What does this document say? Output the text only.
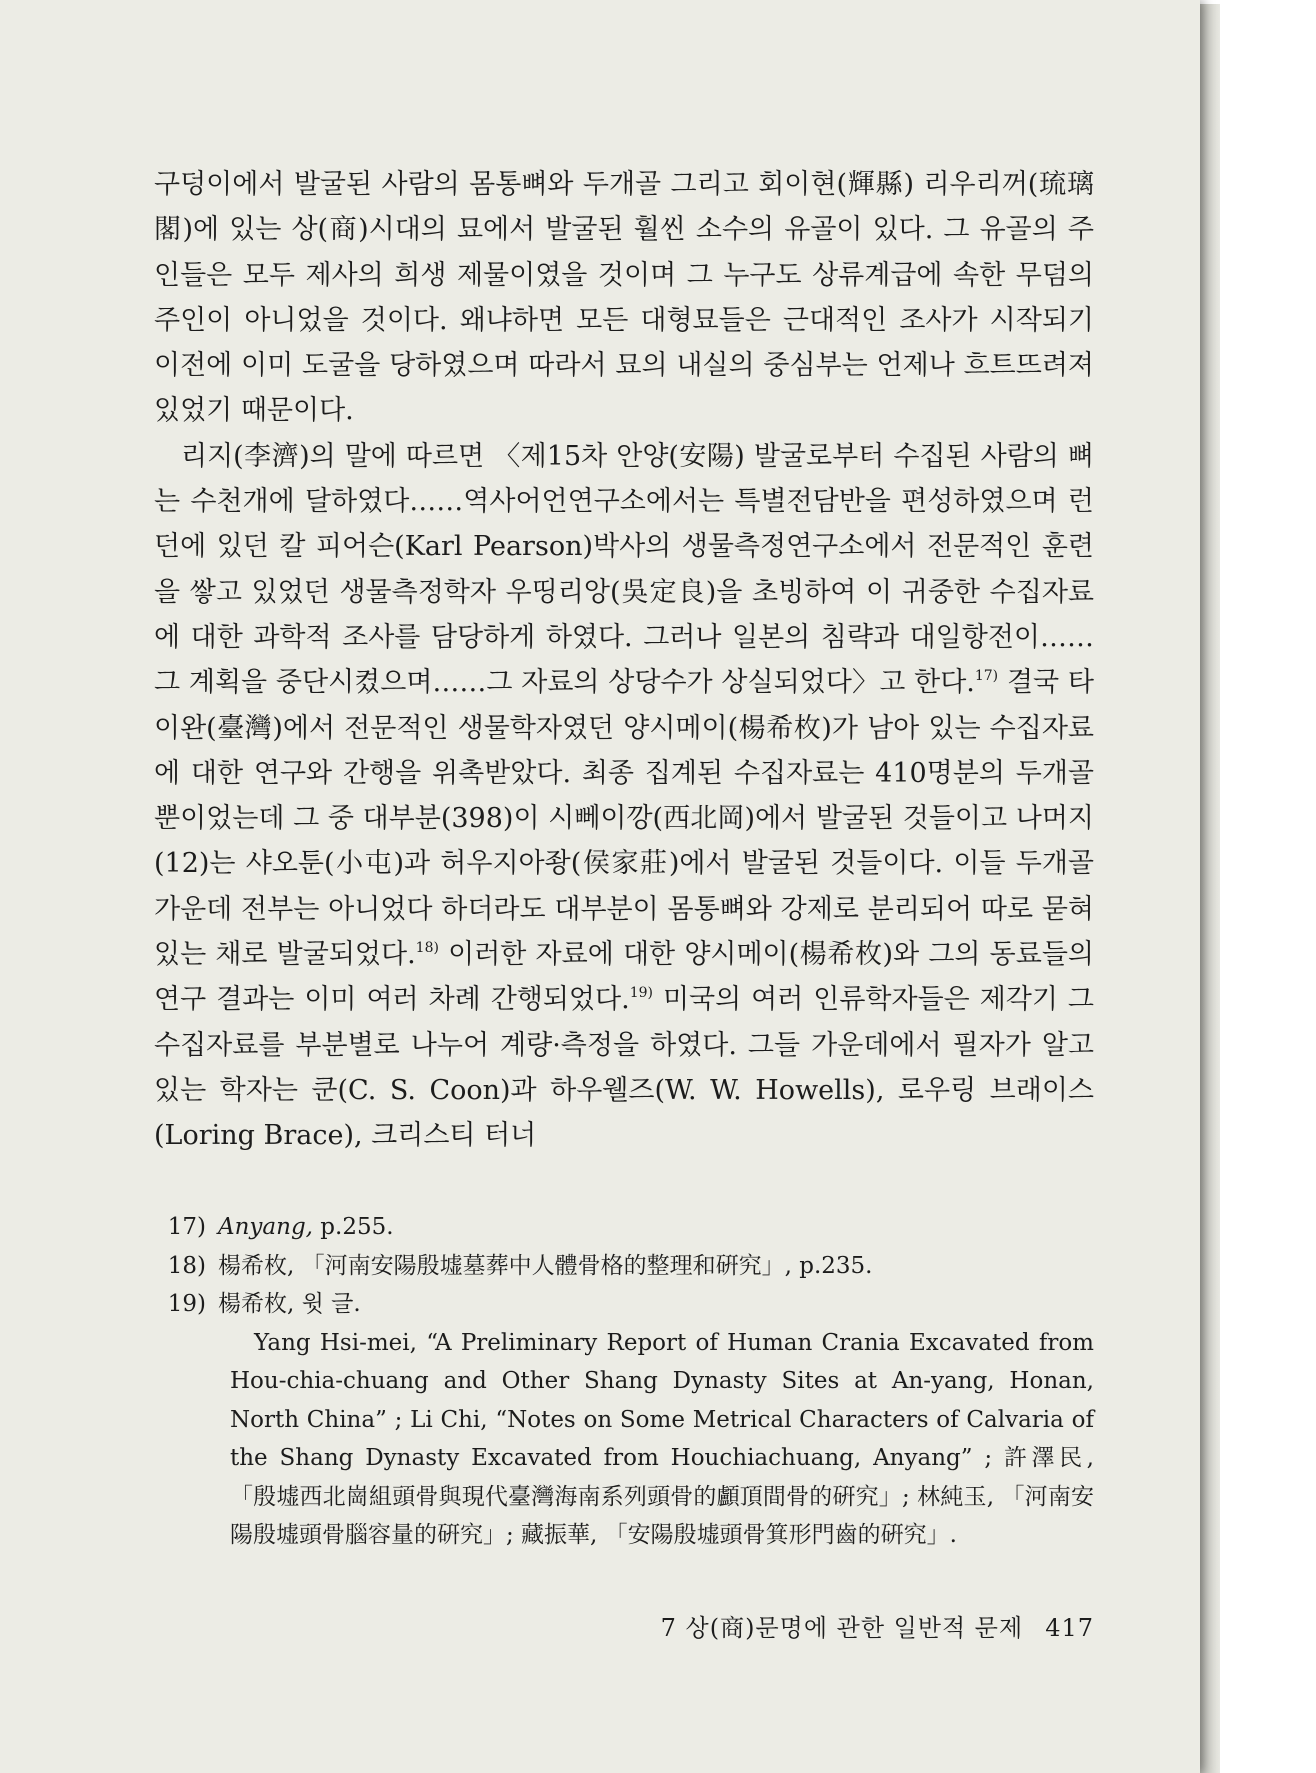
구덩이에서 발굴된 사람의 몸통뼈와 두개골 그리고 회이현(輝縣) 리우리꺼(琉璃閣)에 있는 상(商)시대의 묘에서 발굴된 훨씬 소수의 유골이 있다. 그 유골의 주인들은 모두 제사의 희생 제물이였을 것이며 그 누구도 상류계급에 속한 무덤의 주인이 아니었을 것이다. 왜냐하면 모든 대형묘들은 근대적인 조사가 시작되기 이전에 이미 도굴을 당하였으며 따라서 묘의 내실의 중심부는 언제나 흐트뜨려져 있었기 때문이다.

리지(李濟)의 말에 따르면 〈제15차 안양(安陽) 발굴로부터 수집된 사람의 뼈는 수천개에 달하였다……역사어언연구소에서는 특별전담반을 편성하였으며 런던에 있던 칼 피어슨(Karl Pearson)박사의 생물측정연구소에서 전문적인 훈련을 쌓고 있었던 생물측정학자 우띵리앙(吳定良)을 초빙하여 이 귀중한 수집자료에 대한 과학적 조사를 담당하게 하였다. 그러나 일본의 침략과 대일항전이……그 계획을 중단시켰으며……그 자료의 상당수가 상실되었다〉고 한다.$^{17)}$ 결국 타이완(臺灣)에서 전문적인 생물학자였던 양시메이(楊希枚)가 남아 있는 수집자료에 대한 연구와 간행을 위촉받았다. 최종 집계된 수집자료는 410명분의 두개골뿐이었는데 그 중 대부분(398)이 시뻬이깡(西北岡)에서 발굴된 것들이고 나머지(12)는 샤오툰(小屯)과 허우지아좡(侯家莊)에서 발굴된 것들이다. 이들 두개골 가운데 전부는 아니었다 하더라도 대부분이 몸통뼈와 강제로 분리되어 따로 묻혀 있는 채로 발굴되었다.$^{18)}$ 이러한 자료에 대한 양시메이(楊希枚)와 그의 동료들의 연구 결과는 이미 여러 차례 간행되었다.$^{19)}$ 미국의 여러 인류학자들은 제각기 그 수집자료를 부분별로 나누어 계량·측정을 하였다. 그들 가운데에서 필자가 알고 있는 학자는 쿤(C. S. Coon)과 하우웰즈(W. W. Howells), 로우링 브래이스(Loring Brace), 크리스티 터너

17) Anyang, p.255.
18) 楊希枚, 「河南安陽殷墟墓葬中人體骨格的整理和硏究」, p.235.
19) 楊希枚, 윗 글.
Yang Hsi-mei, “A Preliminary Report of Human Crania Excavated from Hou-chia-chuang and Other Shang Dynasty Sites at An-yang, Honan, North China” ; Li Chi, “Notes on Some Metrical Characters of Calvaria of the Shang Dynasty Excavated from Houchiachuang, Anyang” ; 許澤民, 「殷墟西北崗組頭骨與現代臺灣海南系列頭骨的顱頂間骨的硏究」; 林純玉, 「河南安陽殷墟頭骨腦容量的硏究」; 藏振華, 「安陽殷墟頭骨箕形門齒的硏究」.
7 상(商)문명에 관한 일반적 문제 417
